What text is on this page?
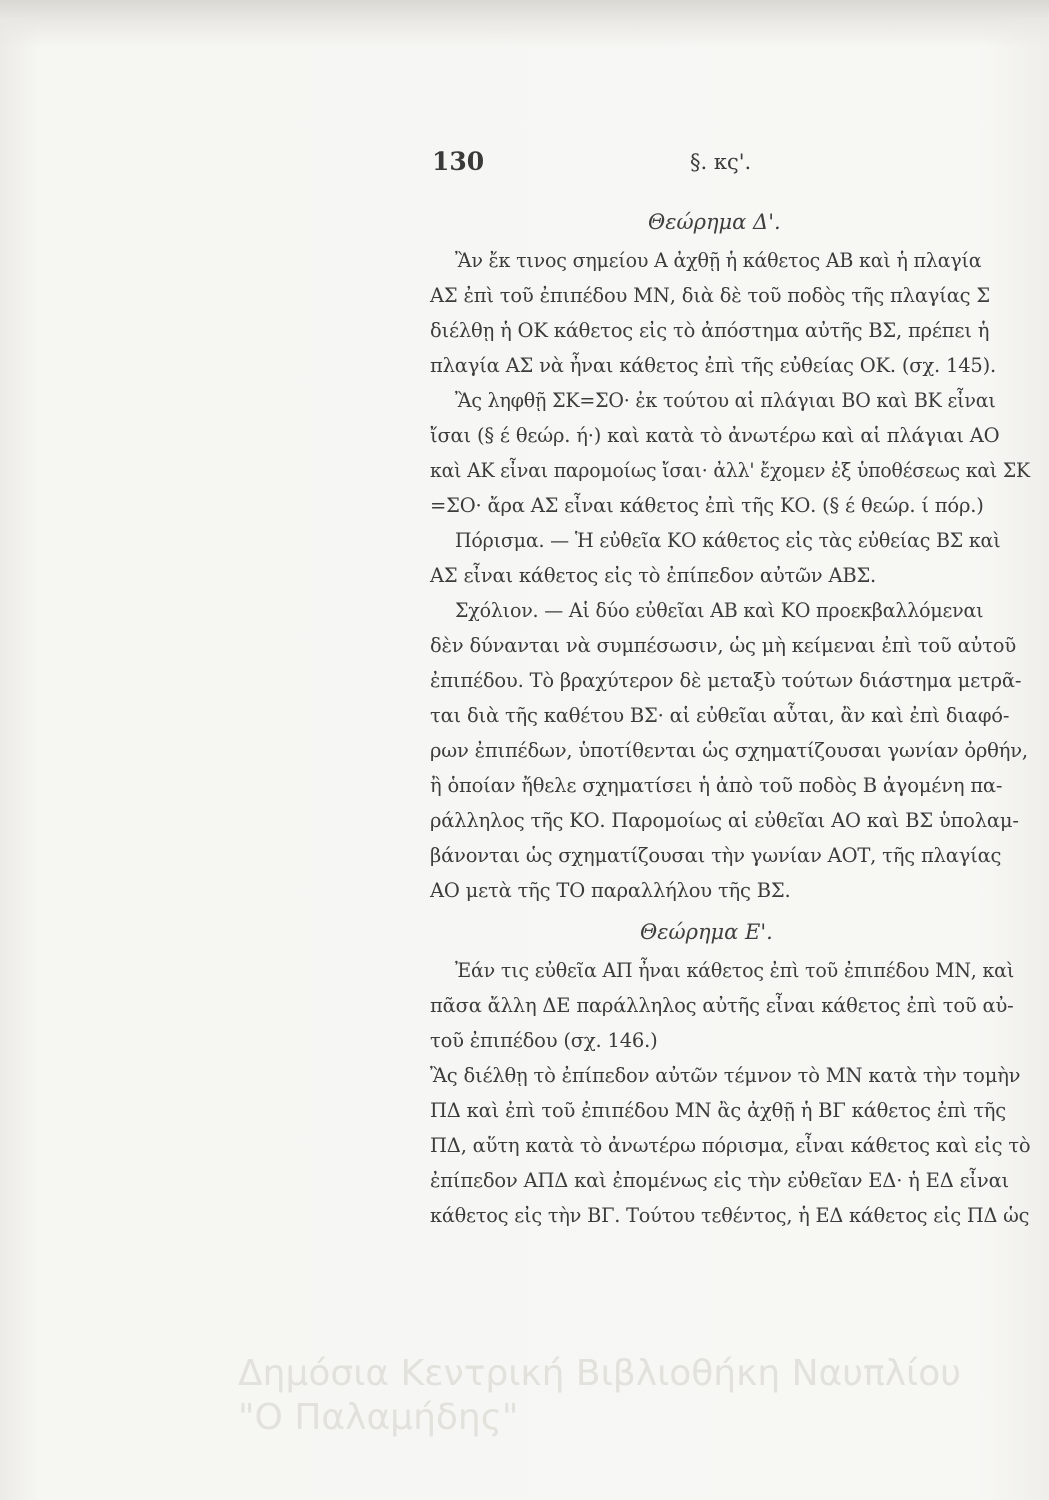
130	§. κς'.
Θεώρημα Δ'.
Ἂν ἔκ τινος σημείου Α ἀχθῇ ἡ κάθετος ΑΒ καὶ ἡ πλαγία
ΑΣ ἐπὶ τοῦ ἐπιπέδου ΜΝ, διὰ δὲ τοῦ ποδὸς τῆς πλαγίας Σ
διέλθῃ ἡ ΟΚ κάθετος εἰς τὸ ἀπόστημα αὐτῆς ΒΣ, πρέπει ἡ
πλαγία ΑΣ νὰ ἦναι κάθετος ἐπὶ τῆς εὐθείας ΟΚ. (σχ. 145).
Ἂς ληφθῇ ΣΚ=ΣΟ· ἐκ τούτου αἱ πλάγιαι ΒΟ καὶ ΒΚ εἶναι
ἴσαι (§ έ θεώρ. ή·) καὶ κατὰ τὸ ἀνωτέρω καὶ αἱ πλάγιαι ΑΟ
καὶ ΑΚ εἶναι παρομοίως ἴσαι· ἀλλ' ἔχομεν ἐξ ὑποθέσεως καὶ ΣΚ
=ΣΟ· ἄρα ΑΣ εἶναι κάθετος ἐπὶ τῆς ΚΟ. (§ έ θεώρ. ί πόρ.)
Πόρισμα. — Ἡ εὐθεῖα ΚΟ κάθετος εἰς τὰς εὐθείας ΒΣ καὶ
ΑΣ εἶναι κάθετος εἰς τὸ ἐπίπεδον αὐτῶν ΑΒΣ.
Σχόλιον. — Αἱ δύο εὐθεῖαι ΑΒ καὶ ΚΟ προεκβαλλόμεναι
δὲν δύνανται νὰ συμπέσωσιν, ὡς μὴ κείμεναι ἐπὶ τοῦ αὐτοῦ
ἐπιπέδου. Τὸ βραχύτερον δὲ μεταξὺ τούτων διάστημα μετρᾶ-
ται διὰ τῆς καθέτου ΒΣ· αἱ εὐθεῖαι αὗται, ἂν καὶ ἐπὶ διαφό-
ρων ἐπιπέδων, ὑποτίθενται ὡς σχηματίζουσαι γωνίαν ὀρθήν,
ἢ ὁποίαν ἤθελε σχηματίσει ἡ ἀπὸ τοῦ ποδὸς Β ἀγομένη πα-
ράλληλος τῆς ΚΟ. Παρομοίως αἱ εὐθεῖαι ΑΟ καὶ ΒΣ ὑπολαμ-
βάνονται ὡς σχηματίζουσαι τὴν γωνίαν ΑΟΤ, τῆς πλαγίας
ΑΟ μετὰ τῆς ΤΟ παραλλήλου τῆς ΒΣ.
Θεώρημα Ε'.
Ἐάν τις εὐθεῖα ΑΠ ἦναι κάθετος ἐπὶ τοῦ ἐπιπέδου ΜΝ, καὶ
πᾶσα ἄλλη ΔΕ παράλληλος αὐτῆς εἶναι κάθετος ἐπὶ τοῦ αὐ-
τοῦ ἐπιπέδου (σχ. 146.)
Ἂς διέλθῃ τὸ ἐπίπεδον αὐτῶν τέμνον τὸ ΜΝ κατὰ τὴν τομὴν
ΠΔ καὶ ἐπὶ τοῦ ἐπιπέδου ΜΝ ἂς ἀχθῇ ἡ ΒΓ κάθετος ἐπὶ τῆς
ΠΔ, αὕτη κατὰ τὸ ἀνωτέρω πόρισμα, εἶναι κάθετος καὶ εἰς τὸ
ἐπίπεδον ΑΠΔ καὶ ἐπομένως εἰς τὴν εὐθεῖαν ΕΔ· ἡ ΕΔ εἶναι
κάθετος εἰς τὴν ΒΓ. Τούτου τεθέντος, ἡ ΕΔ κάθετος εἰς ΠΔ ὡς
Δημόσια Κεντρική Βιβλιοθήκη Ναυπλίου
"Ο Παλαμήδης"
